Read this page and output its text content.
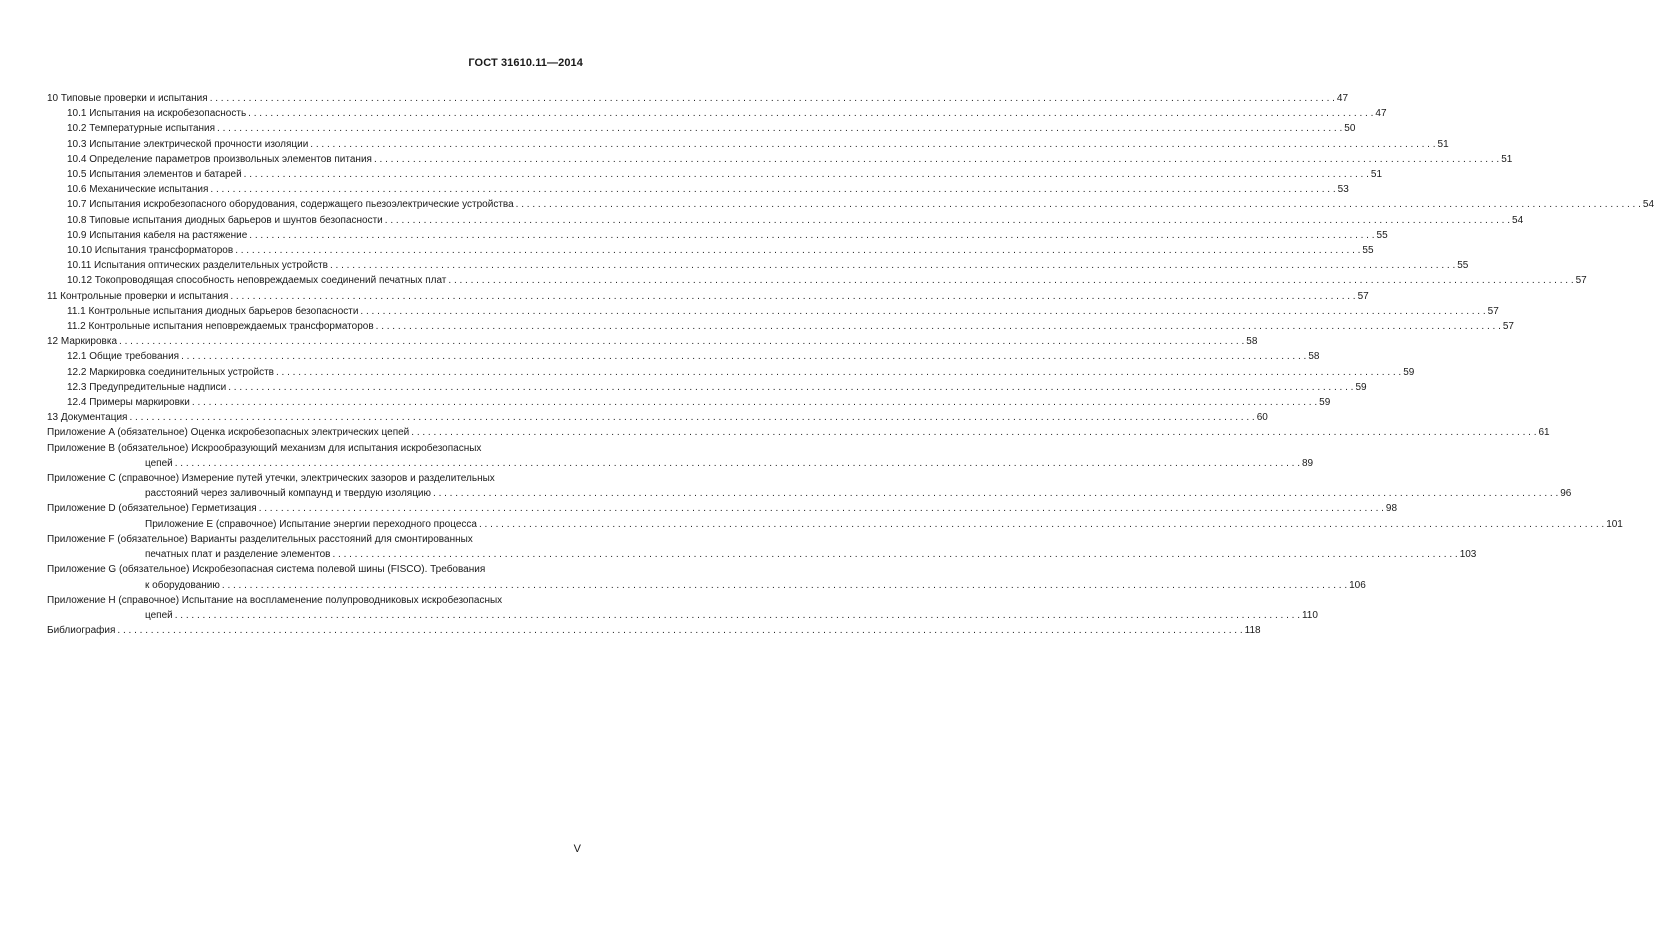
ГОСТ 31610.11—2014
10 Типовые проверки и испытания . . .	47
10.1 Испытания на искробезопасность . . .	47
10.2 Температурные испытания . . .	50
10.3 Испытание электрической прочности изоляции . . .	51
10.4 Определение параметров произвольных элементов питания . . .	51
10.5 Испытания элементов и батарей . . .	51
10.6 Механические испытания . . .	53
10.7 Испытания искробезопасного оборудования, содержащего пьезоэлектрические устройства . . .	54
10.8 Типовые испытания диодных барьеров и шунтов безопасности . . .	54
10.9 Испытания кабеля на растяжение . . .	55
10.10 Испытания трансформаторов . . .	55
10.11 Испытания оптических разделительных устройств . . .	55
10.12 Токопроводящая способность неповреждаемых соединений печатных плат . . .	57
11 Контрольные проверки и испытания . . .	57
11.1 Контрольные испытания диодных барьеров безопасности . . .	57
11.2 Контрольные испытания неповреждаемых трансформаторов . . .	57
12 Маркировка . . .	58
12.1 Общие требования . . .	58
12.2 Маркировка соединительных устройств . . .	59
12.3 Предупредительные надписи . . .	59
12.4 Примеры маркировки . . .	59
13 Документация . . .	60
Приложение A (обязательное) Оценка искробезопасных электрических цепей . . .	61
Приложение B (обязательное) Искрообразующий механизм для испытания искробезопасных
цепей . . .	89
Приложение C (справочное) Измерение путей утечки, электрических зазоров и разделительных
расстояний через заливочный компаунд и твердую изоляцию . . .	96
Приложение D (обязательное) Герметизация . . .	98
Приложение E (справочное) Испытание энергии переходного процесса . . .	101
Приложение F (обязательное) Варианты разделительных расстояний для смонтированных
печатных плат и разделение элементов . . .	103
Приложение G (обязательное) Искробезопасная система полевой шины (FISCO). Требования
к оборудованию . . .	106
Приложение H (справочное) Испытание на воспламенение полупроводниковых искробезопасных
цепей . . .	110
Библиография . . .	118
V
